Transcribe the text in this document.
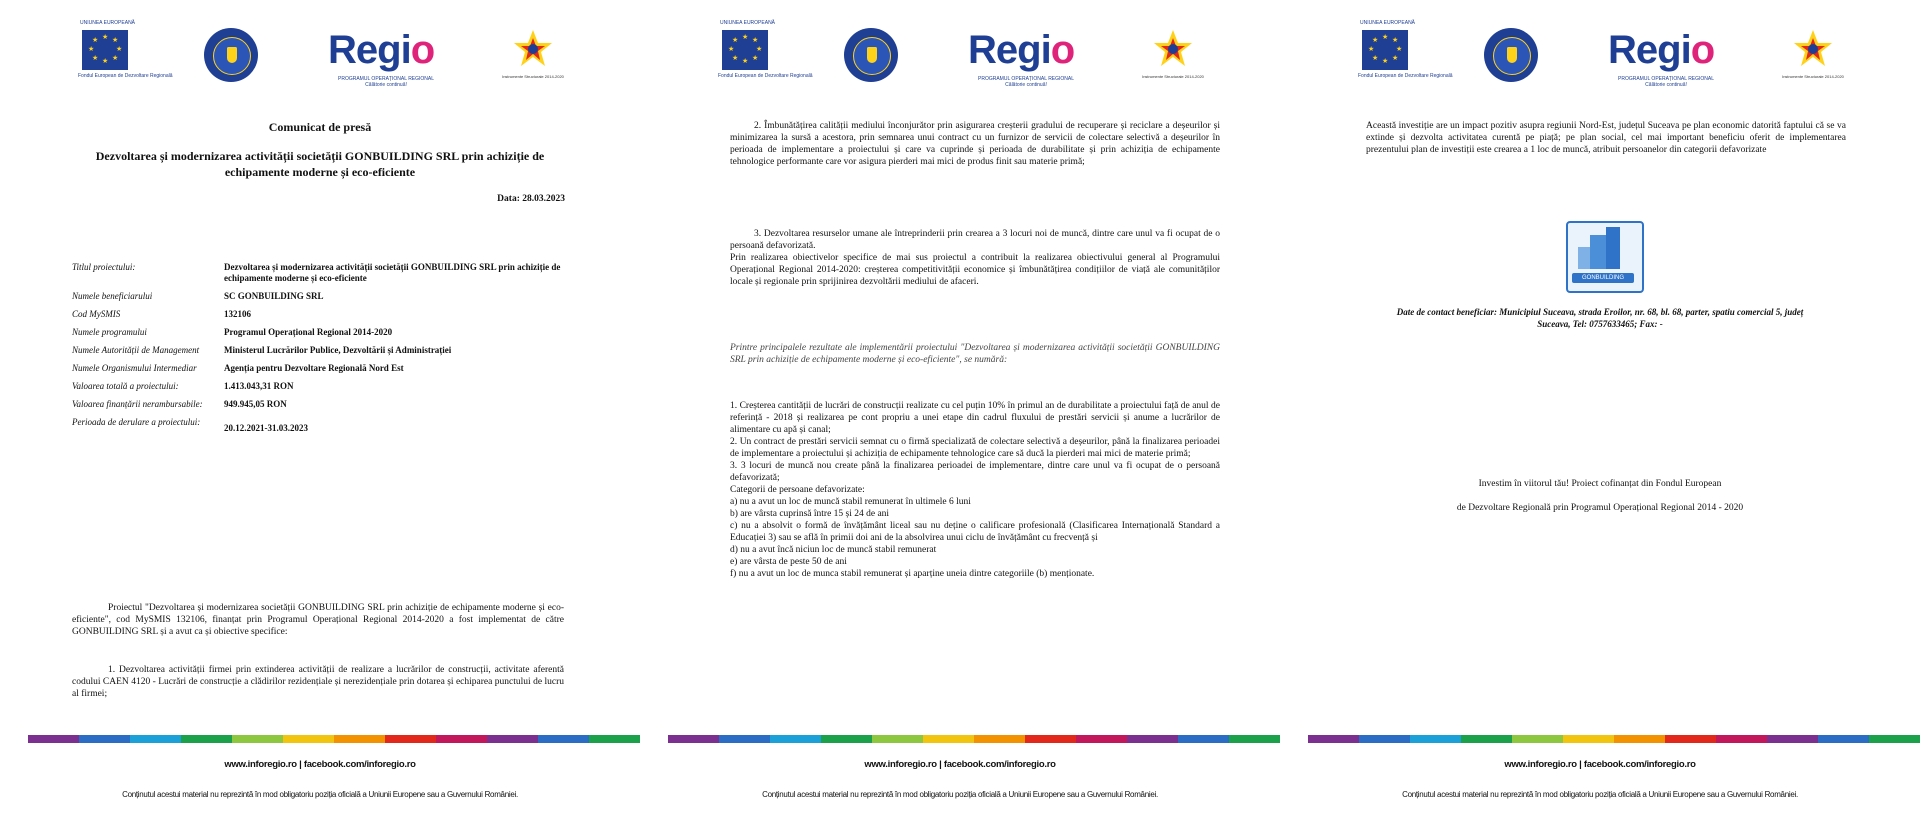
UNIUNEA EUROPEANĂ
★ ★
★
★
★
★
★
★
Fondul European de Dezvoltare Regională
Regio
PROGRAMUL OPERAȚIONAL REGIONAL
Călătorie continuă!
Instrumente Structurale 2014-2020
Comunicat de presă
Dezvoltarea și modernizarea activității societății GONBUILDING SRL prin achiziție de echipamente moderne și eco-eficiente
Data: 28.03.2023
Titlul proiectului:	Dezvoltarea și modernizarea activității societății GONBUILDING SRL prin achiziție de echipamente moderne și eco-eficiente
Numele beneficiarului	SC GONBUILDING SRL
Cod MySMIS	132106
Numele programului	Programul Operațional Regional 2014-2020
Numele Autorității de Management	Ministerul Lucrărilor Publice, Dezvoltării și Administrației
Numele Organismului Intermediar	Agenția pentru Dezvoltare Regională Nord Est
Valoarea totală a proiectului:	1.413.043,31 RON
Valoarea finanțării nerambursabile:	949.945,05 RON
Perioada de derulare a proiectului:	20.12.2021-31.03.2023
Proiectul "Dezvoltarea și modernizarea societății GONBUILDING SRL prin achiziție de echipamente moderne și eco-eficiente", cod MySMIS 132106, finanțat prin Programul Operațional Regional 2014-2020 a fost implementat de către GONBUILDING SRL și a avut ca și obiective specifice:
1. Dezvoltarea activității firmei prin extinderea activității de realizare a lucrărilor de construcții, activitate aferentă codului CAEN 4120 - Lucrări de construcție a clădirilor rezidențiale și nerezidențiale prin dotarea și echiparea punctului de lucru al firmei;
www.inforegio.ro | facebook.com/inforegio.ro
Conținutul acestui material nu reprezintă în mod obligatoriu poziția oficială a Uniunii Europene sau a Guvernului României.
UNIUNEA EUROPEANĂ
★ ★
★
★
★
★
★
★
Fondul European de Dezvoltare Regională
Regio
PROGRAMUL OPERAȚIONAL REGIONAL
Călătorie continuă!
Instrumente Structurale 2014-2020
2. Îmbunătățirea calității mediului înconjurător prin asigurarea creșterii gradului de recuperare și reciclare a deșeurilor și minimizarea la sursă a acestora, prin semnarea unui contract cu un furnizor de servicii de colectare selectivă a deșeurilor în perioada de implementare a proiectului și care va cuprinde și perioada de durabilitate și prin achiziția de echipamente tehnologice performante care vor asigura pierderi mai mici de produs finit sau materie primă;
3. Dezvoltarea resurselor umane ale întreprinderii prin crearea a 3 locuri noi de muncă, dintre care unul va fi ocupat de o persoană defavorizată.
Prin realizarea obiectivelor specifice de mai sus proiectul a contribuit la realizarea obiectivului general al Programului Operațional Regional 2014-2020: creșterea competitivității economice și îmbunătățirea condițiilor de viață ale comunităților locale și regionale prin sprijinirea dezvoltării mediului de afaceri.
Printre principalele rezultate ale implementării proiectului "Dezvoltarea și modernizarea activității societății GONBUILDING SRL prin achiziție de echipamente moderne și eco-eficiente", se numără:
1. Creșterea cantității de lucrări de construcții realizate cu cel puțin 10% în primul an de durabilitate a proiectului față de anul de referință - 2018 și realizarea pe cont propriu a unei etape din cadrul fluxului de prestări servicii și anume a lucrărilor de alimentare cu apă și canal;
2. Un contract de prestări servicii semnat cu o firmă specializată de colectare selectivă a deșeurilor, până la finalizarea perioadei de implementare a proiectului și achiziția de echipamente tehnologice care să ducă la pierderi mai mici de materie primă;
3. 3 locuri de muncă nou create până la finalizarea perioadei de implementare, dintre care unul va fi ocupat de o persoană defavorizată;
Categorii de persoane defavorizate:
a) nu a avut un loc de muncă stabil remunerat în ultimele 6 luni
b) are vârsta cuprinsă între 15 și 24 de ani
c) nu a absolvit o formă de învățământ liceal sau nu deține o calificare profesională (Clasificarea Internațională Standard a Educației 3) sau se află în primii doi ani de la absolvirea unui ciclu de învățământ cu frecvență și
d) nu a avut încă niciun loc de muncă stabil remunerat
e) are vârsta de peste 50 de ani
f) nu a avut un loc de munca stabil remunerat și aparține uneia dintre categoriile (b) menționate.
www.inforegio.ro | facebook.com/inforegio.ro
Conținutul acestui material nu reprezintă în mod obligatoriu poziția oficială a Uniunii Europene sau a Guvernului României.
UNIUNEA EUROPEANĂ
★ ★
★
★
★
★
★
★
Fondul European de Dezvoltare Regională
Regio
PROGRAMUL OPERAȚIONAL REGIONAL
Călătorie continuă!
Instrumente Structurale 2014-2020
Această investiție are un impact pozitiv asupra regiunii Nord-Est, județul Suceava pe plan economic datorită faptului că se va extinde și dezvolta activitatea curentă pe piață; pe plan social, cel mai important beneficiu oferit de implementarea prezentului plan de investiții este crearea a 1 loc de muncă, atribuit persoanelor din categorii defavorizate
GONBUILDING
Date de contact beneficiar: Municipiul Suceava, strada Eroilor, nr. 68, bl. 68, parter, spatiu comercial 5, județ Suceava, Tel: 0757633465; Fax: -
Investim în viitorul tău! Proiect cofinanțat din Fondul European
de Dezvoltare Regională prin Programul Operațional Regional 2014 - 2020
www.inforegio.ro | facebook.com/inforegio.ro
Conținutul acestui material nu reprezintă în mod obligatoriu poziția oficială a Uniunii Europene sau a Guvernului României.
